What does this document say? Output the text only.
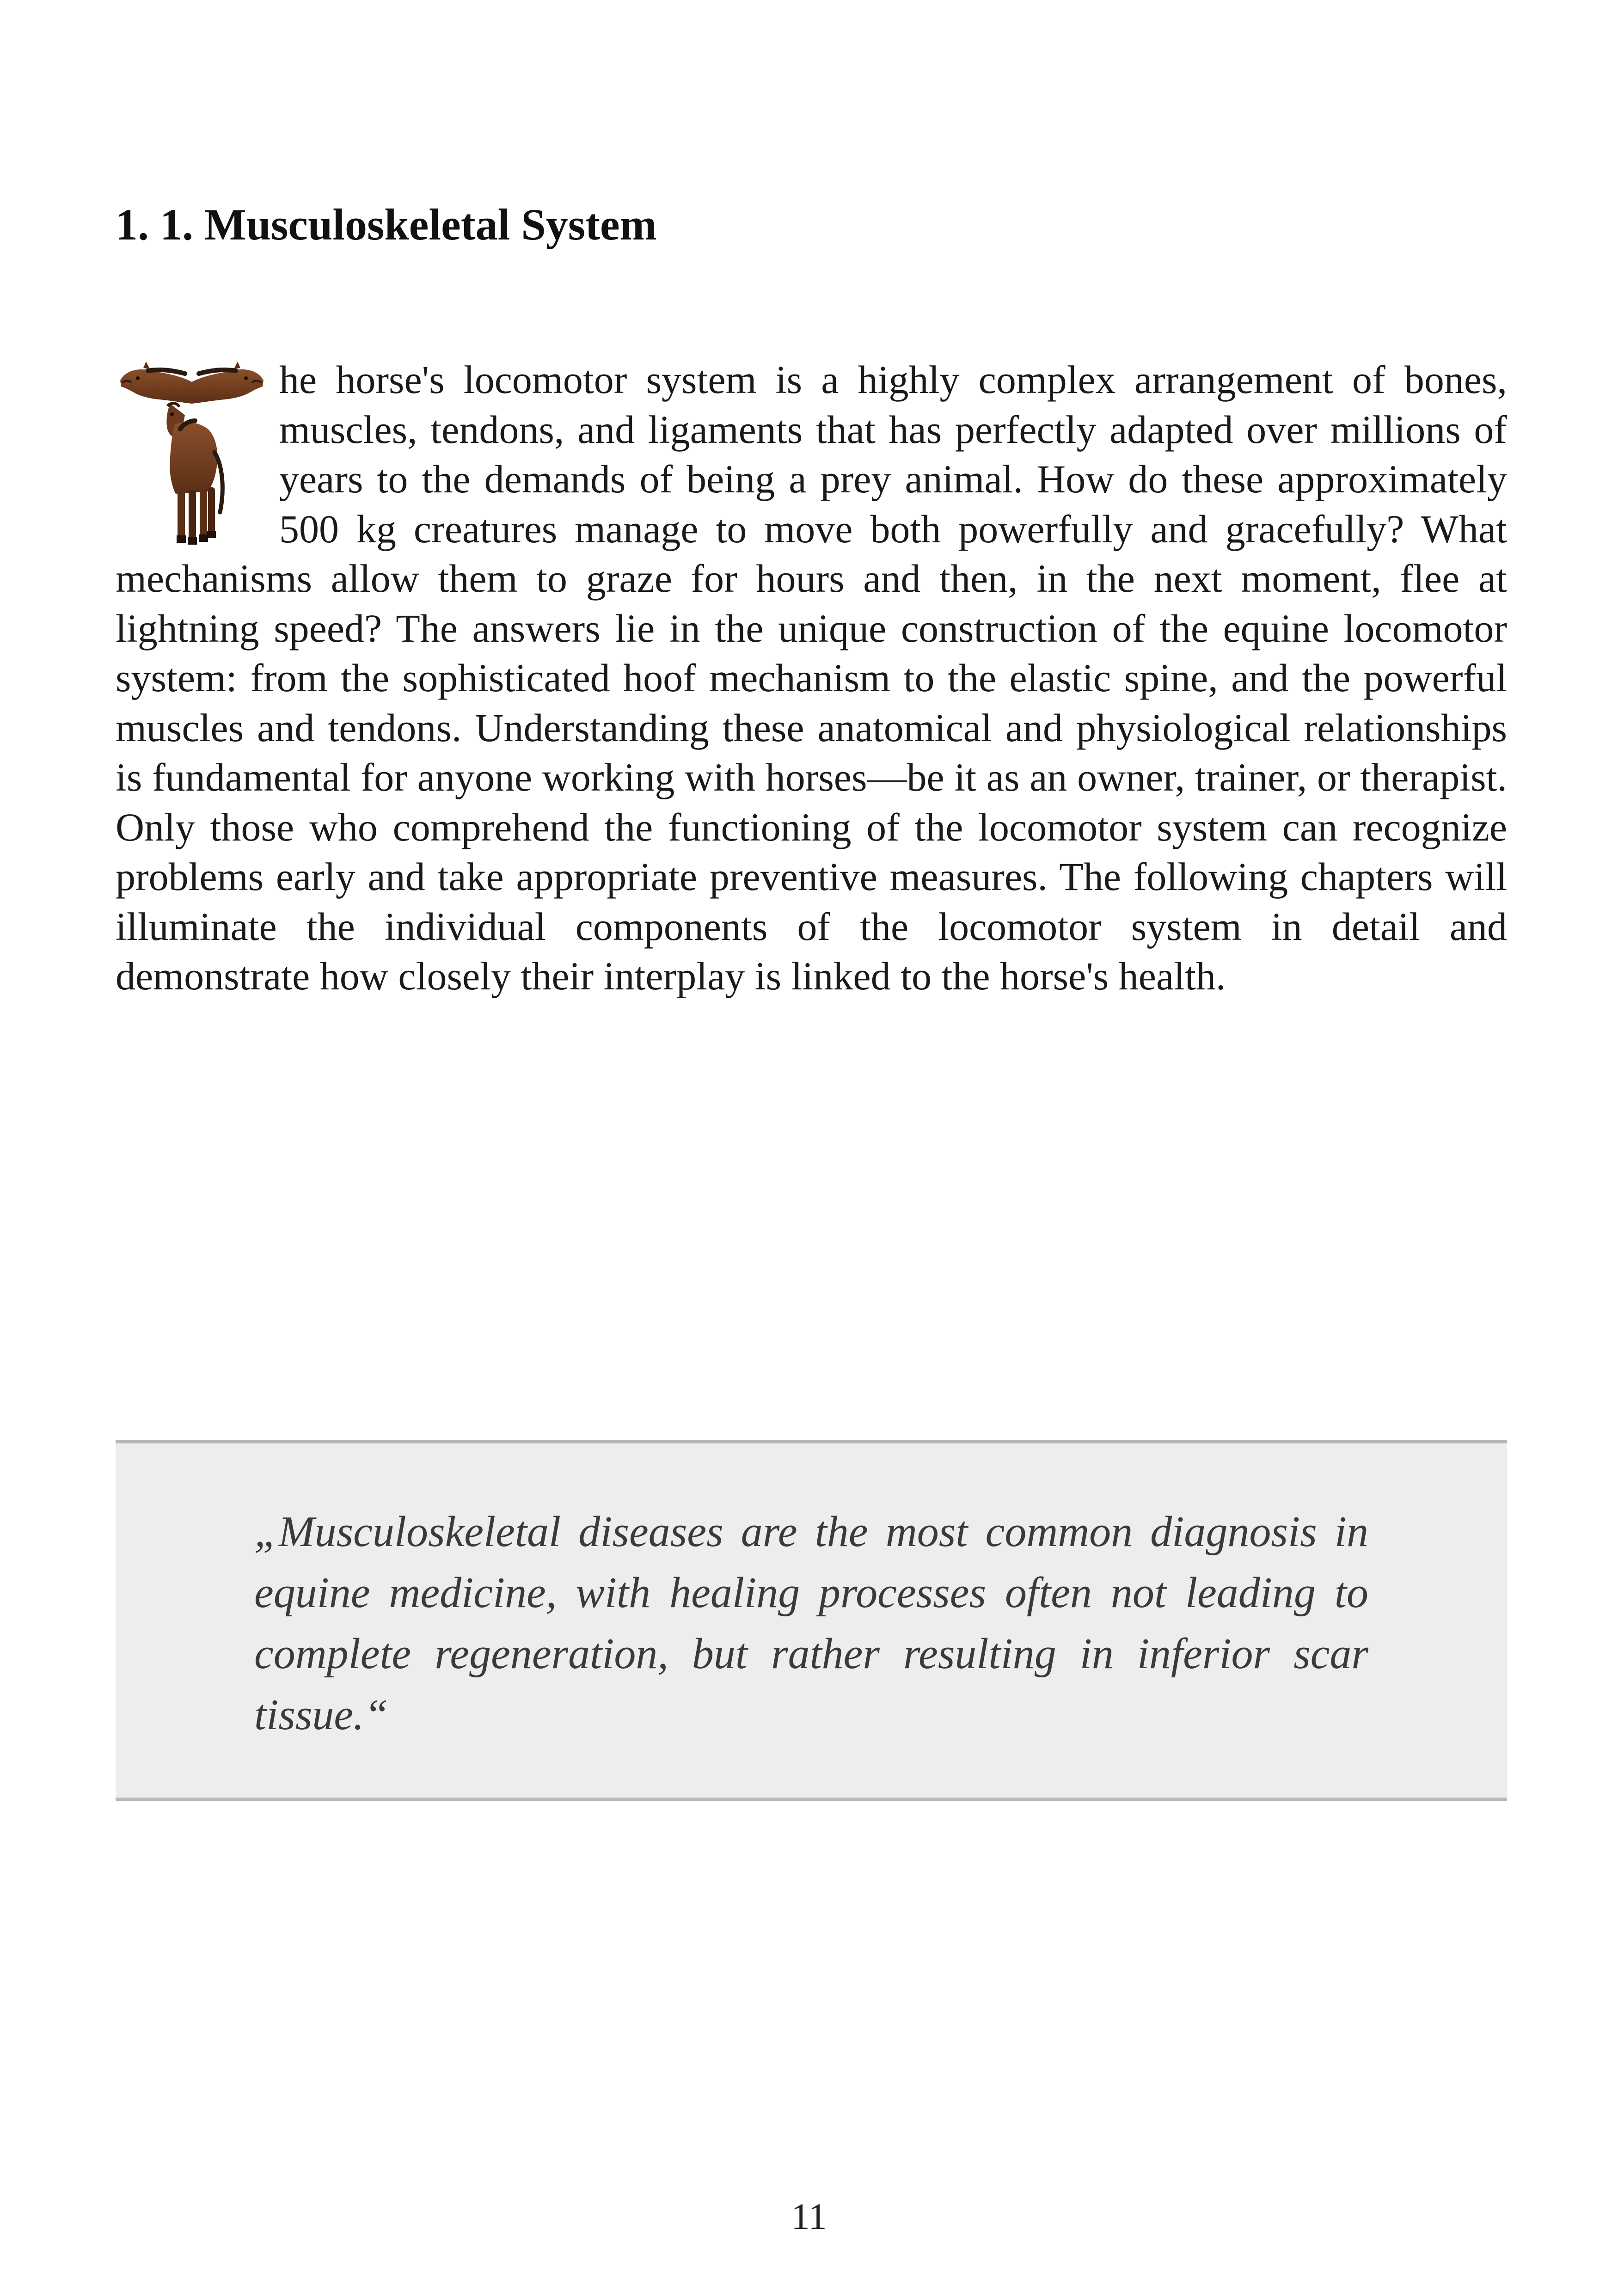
1. 1. Musculoskeletal System

he horse's locomotor system is a highly complex arrangement of bones, muscles, tendons, and ligaments that has perfectly adapted over millions of years to the demands of being a prey animal. How do these approximately 500 kg creatures manage to move both powerfully and gracefully? What mechanisms allow them to graze for hours and then, in the next moment, flee at lightning speed? The answers lie in the unique construction of the equine locomotor system: from the sophisticated hoof mechanism to the elastic spine, and the powerful muscles and tendons. Understanding these anatomical and physiological relationships is fundamental for anyone working with horses—be it as an owner, trainer, or therapist. Only those who comprehend the functioning of the locomotor system can recognize problems early and take appropriate preventive measures. The following chapters will illuminate the individual components of the locomotor system in detail and demonstrate how closely their interplay is linked to the horse's health.

„Musculoskeletal diseases are the most common diagnosis in equine medicine, with healing processes often not leading to complete regeneration, but rather resulting in inferior scar tissue.“

11
